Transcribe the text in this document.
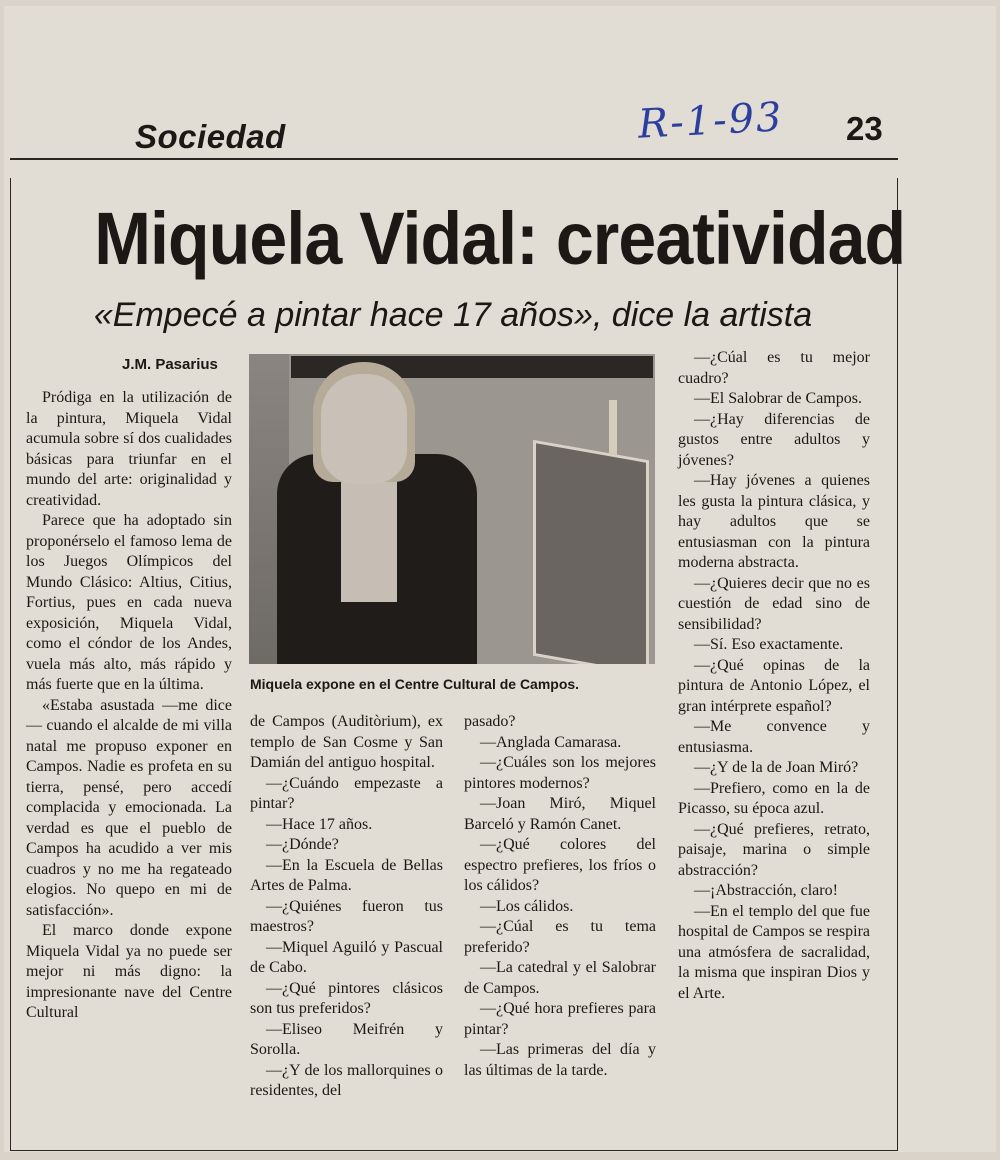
Sociedad	R-1-93 23
Miquela Vidal: creatividad
«Empecé a pintar hace 17 años», dice la artista
J.M. Pasarius

Pródiga en la utilización de la pintura, Miquela Vidal acumula sobre sí dos cualidades básicas para triunfar en el mundo del arte: originalidad y creatividad.

Parece que ha adoptado sin proponérselo el famoso lema de los Juegos Olímpicos del Mundo Clásico: Altius, Citius, Fortius, pues en cada nueva exposición, Miquela Vidal, como el cóndor de los Andes, vuela más alto, más rápido y más fuerte que en la última.

«Estaba asustada —me dice— cuando el alcalde de mi villa natal me propuso exponer en Campos. Nadie es profeta en su tierra, pensé, pero accedí complacida y emocionada. La verdad es que el pueblo de Campos ha acudido a ver mis cuadros y no me ha regateado elogios. No quepo en mi de satisfacción».

El marco donde expone Miquela Vidal ya no puede ser mejor ni más digno: la impresionante nave del Centre Cultural

Miquela expone en el Centre Cultural de Campos.

de Campos (Auditòrium), ex templo de San Cosme y San Damián del antiguo hospital.

—¿Cuándo empezaste a pintar?

—Hace 17 años.

—¿Dónde?

—En la Escuela de Bellas Artes de Palma.

—¿Quiénes fueron tus maestros?

—Miquel Aguiló y Pascual de Cabo.

—¿Qué pintores clásicos son tus preferidos?

—Eliseo Meifrén y Sorolla.

—¿Y de los mallorquines o residentes, del

pasado?

—Anglada Camarasa.

—¿Cuáles son los mejores pintores modernos?

—Joan Miró, Miquel Barceló y Ramón Canet.

—¿Qué colores del espectro prefieres, los fríos o los cálidos?

—Los cálidos.

—¿Cúal es tu tema preferido?

—La catedral y el Salobrar de Campos.

—¿Qué hora prefieres para pintar?

—Las primeras del día y las últimas de la tarde.

—¿Cúal es tu mejor cuadro?

—El Salobrar de Campos.

—¿Hay diferencias de gustos entre adultos y jóvenes?

—Hay jóvenes a quienes les gusta la pintura clásica, y hay adultos que se entusiasman con la pintura moderna abstracta.

—¿Quieres decir que no es cuestión de edad sino de sensibilidad?

—Sí. Eso exactamente.

—¿Qué opinas de la pintura de Antonio López, el gran intérprete español?

—Me convence y entusiasma.

—¿Y de la de Joan Miró?

—Prefiero, como en la de Picasso, su época azul.

—¿Qué prefieres, retrato, paisaje, marina o simple abstracción?

—¡Abstracción, claro!

—En el templo del que fue hospital de Campos se respira una atmósfera de sacralidad, la misma que inspiran Dios y el Arte.
